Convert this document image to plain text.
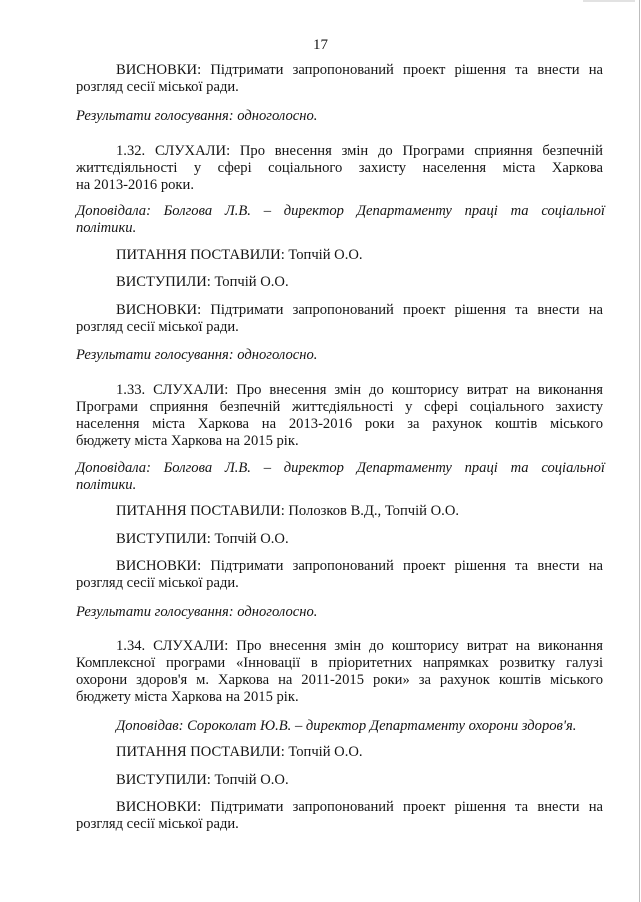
17

ВИСНОВКИ: Підтримати запропонований проект рішення та внести на
розгляд сесії міської ради.

Результати голосування: одноголосно.

1.32. СЛУХАЛИ: Про внесення змін до Програми сприяння безпечній
життєдіяльності у сфері соціального захисту населення міста Харкова
на 2013-2016 роки.

Доповідала: Болгова Л.В. – директор Департаменту праці та соціальної
політики.

ПИТАННЯ ПОСТАВИЛИ: Топчій О.О.

ВИСТУПИЛИ: Топчій О.О.

ВИСНОВКИ: Підтримати запропонований проект рішення та внести на
розгляд сесії міської ради.

Результати голосування: одноголосно.

1.33. СЛУХАЛИ: Про внесення змін до кошторису витрат на виконання
Програми сприяння безпечній життєдіяльності у сфері соціального захисту
населення міста Харкова на 2013-2016 роки за рахунок коштів міського
бюджету міста Харкова на 2015 рік.

Доповідала: Болгова Л.В. – директор Департаменту праці та соціальної
політики.

ПИТАННЯ ПОСТАВИЛИ: Полозков В.Д., Топчій О.О.

ВИСТУПИЛИ: Топчій О.О.

ВИСНОВКИ: Підтримати запропонований проект рішення та внести на
розгляд сесії міської ради.

Результати голосування: одноголосно.

1.34. СЛУХАЛИ: Про внесення змін до кошторису витрат на виконання
Комплексної програми «Інновації в пріоритетних напрямках розвитку галузі
охорони здоров'я м. Харкова на 2011-2015 роки» за рахунок коштів міського
бюджету міста Харкова на 2015 рік.

Доповідав: Сороколат Ю.В. – директор Департаменту охорони здоров'я.

ПИТАННЯ ПОСТАВИЛИ: Топчій О.О.

ВИСТУПИЛИ: Топчій О.О.

ВИСНОВКИ: Підтримати запропонований проект рішення та внести на
розгляд сесії міської ради.
